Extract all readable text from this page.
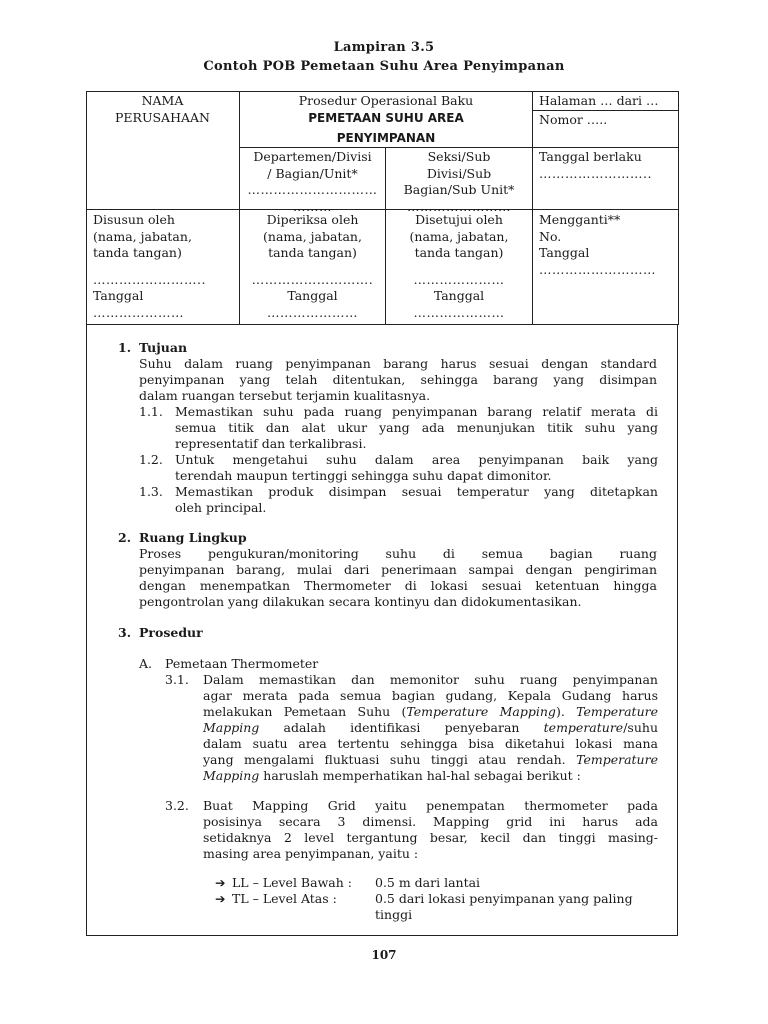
Lampiran 3.5
Contoh POB Pemetaan Suhu Area Penyimpanan
NAMA
PERUSAHAAN
Prosedur Operasional Baku
PEMETAAN SUHU AREA
PENYIMPANAN
Halaman … dari …
Nomor …..
Departemen/Divisi
/ Bagian/Unit*
…………………………
………
Seksi/Sub
Divisi/Sub
Bagian/Sub Unit*
……………………
Tanggal berlaku
……………………..
Disusun oleh
(nama, jabatan,
tanda tangan)
……………………..
Tanggal
…………………
Diperiksa oleh
(nama, jabatan,
tanda tangan)
……………………….
Tanggal
…………………
Disetujui oleh
(nama, jabatan,
tanda tangan)
…………………
Tanggal
…………………
Mengganti**
No.
Tanggal
………………………
1. Tujuan
Suhu dalam ruang penyimpanan barang harus sesuai dengan standard
penyimpanan yang telah ditentukan, sehingga barang yang disimpan
dalam ruangan tersebut terjamin kualitasnya.
1.1. Memastikan suhu pada ruang penyimpanan barang relatif merata di
semua titik dan alat ukur yang ada menunjukan titik suhu yang
representatif dan terkalibrasi.
1.2. Untuk mengetahui suhu dalam area penyimpanan baik yang
terendah maupun tertinggi sehingga suhu dapat dimonitor.
1.3. Memastikan produk disimpan sesuai temperatur yang ditetapkan
oleh principal.
2. Ruang Lingkup
Proses pengukuran/monitoring suhu di semua bagian ruang
penyimpanan barang, mulai dari penerimaan sampai dengan pengiriman
dengan menempatkan Thermometer di lokasi sesuai ketentuan hingga
pengontrolan yang dilakukan secara kontinyu dan didokumentasikan.
3. Prosedur
A. Pemetaan Thermometer
3.1. Dalam memastikan dan memonitor suhu ruang penyimpanan
agar merata pada semua bagian gudang, Kepala Gudang harus
melakukan Pemetaan Suhu (Temperature Mapping). Temperature
Mapping adalah identifikasi penyebaran temperature/suhu
dalam suatu area tertentu sehingga bisa diketahui lokasi mana
yang mengalami fluktuasi suhu tinggi atau rendah. Temperature
Mapping haruslah memperhatikan hal-hal sebagai berikut :
3.2. Buat Mapping Grid yaitu penempatan thermometer pada
posisinya secara 3 dimensi. Mapping grid ini harus ada
setidaknya 2 level tergantung besar, kecil dan tinggi masing-
masing area penyimpanan, yaitu :
➔ LL – Level Bawah : 0.5 m dari lantai
➔ TL – Level Atas :	0.5 dari lokasi penyimpanan yang paling
tinggi
107
